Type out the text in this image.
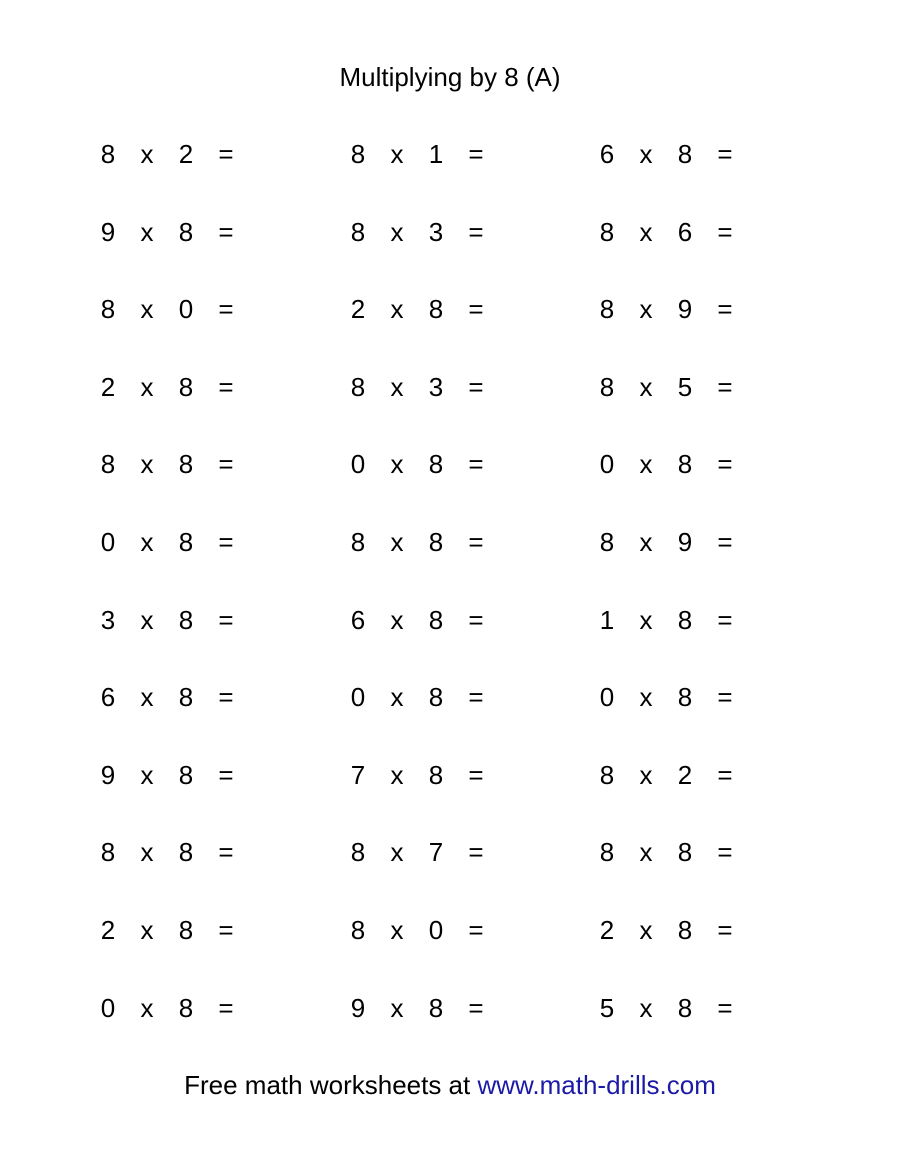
Multiplying by 8 (A)
8 x 2 =
9 x 8 =
8 x 0 =
2 x 8 =
8 x 8 =
0 x 8 =
3 x 8 =
6 x 8 =
9 x 8 =
8 x 8 =
2 x 8 =
0 x 8 =
8 x 1 =
8 x 3 =
2 x 8 =
8 x 3 =
0 x 8 =
8 x 8 =
6 x 8 =
0 x 8 =
7 x 8 =
8 x 7 =
8 x 0 =
9 x 8 =
6 x 8 =
8 x 6 =
8 x 9 =
8 x 5 =
0 x 8 =
8 x 9 =
1 x 8 =
0 x 8 =
8 x 2 =
8 x 8 =
2 x 8 =
5 x 8 =
Free math worksheets at www.math-drills.com
